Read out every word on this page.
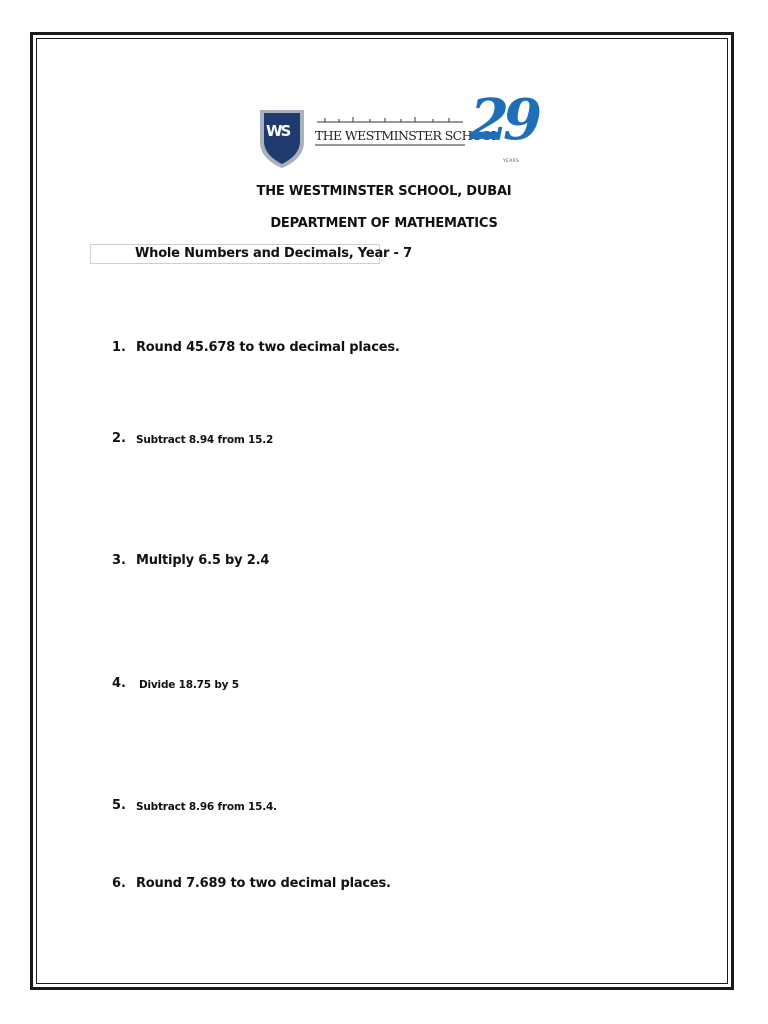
WS THE WESTMINSTER SCHOOL
29
YEARS
THE WESTMINSTER SCHOOL, DUBAI
DEPARTMENT OF MATHEMATICS
Whole Numbers and Decimals, Year - 7
1. Round 45.678 to two decimal places.
2. Subtract 8.94 from 15.2
3. Multiply 6.5 by 2.4
4. Divide 18.75 by 5
5. Subtract 8.96 from 15.4.
6. Round 7.689 to two decimal places.
